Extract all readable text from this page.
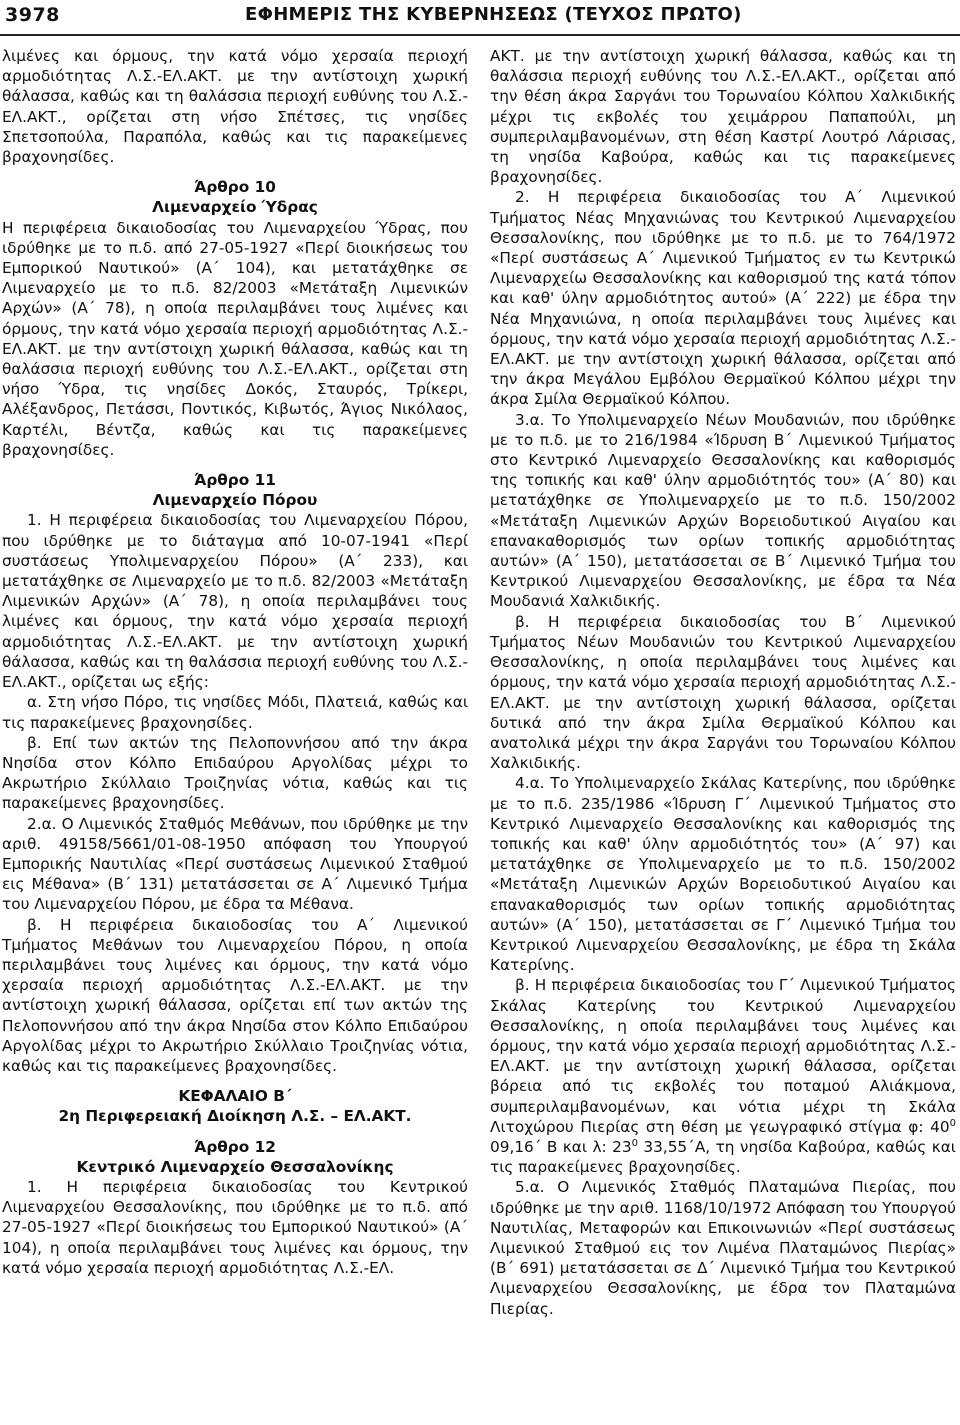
3978	ΕΦΗΜΕΡΙΣ ΤΗΣ ΚΥΒΕΡΝΗΣΕΩΣ (ΤΕΥΧΟΣ ΠΡΩΤΟ)

λιμένες και όρμους, την κατά νόμο χερσαία περιοχή αρμοδιότητας Λ.Σ.-ΕΛ.ΑΚΤ. με την αντίστοιχη χωρική θάλασσα, καθώς και τη θαλάσσια περιοχή ευθύνης του Λ.Σ.-ΕΛ.ΑΚΤ., ορίζεται στη νήσο Σπέτσες, τις νησίδες Σπετσοπούλα, Παραπόλα, καθώς και τις παρακείμενες βραχονησίδες.

Άρθρο 10

Λιμεναρχείο Ύδρας

Η περιφέρεια δικαιοδοσίας του Λιμεναρχείου Ύδρας, που ιδρύθηκε με το π.δ. από 27-05-1927 «Περί διοικήσεως του Εμπορικού Ναυτικού» (Α΄ 104), και μετατάχθηκε σε Λιμεναρχείο με το π.δ. 82/2003 «Μετάταξη Λιμενικών Αρχών» (Α΄ 78), η οποία περιλαμβάνει τους λιμένες και όρμους, την κατά νόμο χερσαία περιοχή αρμοδιότητας Λ.Σ.-ΕΛ.ΑΚΤ. με την αντίστοιχη χωρική θάλασσα, καθώς και τη θαλάσσια περιοχή ευθύνης του Λ.Σ.-ΕΛ.ΑΚΤ., ορίζεται στη νήσο Ύδρα, τις νησίδες Δοκός, Σταυρός, Τρίκερι, Αλέξανδρος, Πετάσσι, Ποντικός, Κιβωτός, Άγιος Νικόλαος, Καρτέλι, Βέντζα, καθώς και τις παρακείμενες βραχονησίδες.

Άρθρο 11

Λιμεναρχείο Πόρου

1. Η περιφέρεια δικαιοδοσίας του Λιμεναρχείου Πόρου, που ιδρύθηκε με το διάταγμα από 10-07-1941 «Περί συστάσεως Υπολιμεναρχείου Πόρου» (Α΄ 233), και μετατάχθηκε σε Λιμεναρχείο με το π.δ. 82/2003 «Μετάταξη Λιμενικών Αρχών» (Α΄ 78), η οποία περιλαμβάνει τους λιμένες και όρμους, την κατά νόμο χερσαία περιοχή αρμοδιότητας Λ.Σ.-ΕΛ.ΑΚΤ. με την αντίστοιχη χωρική θάλασσα, καθώς και τη θαλάσσια περιοχή ευθύνης του Λ.Σ.-ΕΛ.ΑΚΤ., ορίζεται ως εξής:

α. Στη νήσο Πόρο, τις νησίδες Μόδι, Πλατειά, καθώς και τις παρακείμενες βραχονησίδες.

β. Επί των ακτών της Πελοποννήσου από την άκρα Νησίδα στον Κόλπο Επιδαύρου Αργολίδας μέχρι το Ακρωτήριο Σκύλλαιο Τροιζηνίας νότια, καθώς και τις παρακείμενες βραχονησίδες.

2.α. Ο Λιμενικός Σταθμός Μεθάνων, που ιδρύθηκε με την αριθ. 49158/5661/01-08-1950 απόφαση του Υπουργού Εμπορικής Ναυτιλίας «Περί συστάσεως Λιμενικού Σταθμού εις Μέθανα» (Β΄ 131) μετατάσσεται σε Α΄ Λιμενικό Τμήμα του Λιμεναρχείου Πόρου, με έδρα τα Μέθανα.

β. Η περιφέρεια δικαιοδοσίας του Α΄ Λιμενικού Τμήματος Μεθάνων του Λιμεναρχείου Πόρου, η οποία περιλαμβάνει τους λιμένες και όρμους, την κατά νόμο χερσαία περιοχή αρμοδιότητας Λ.Σ.-ΕΛ.ΑΚΤ. με την αντίστοιχη χωρική θάλασσα, ορίζεται επί των ακτών της Πελοποννήσου από την άκρα Νησίδα στον Κόλπο Επιδαύρου Αργολίδας μέχρι το Ακρωτήριο Σκύλλαιο Τροιζηνίας νότια, καθώς και τις παρακείμενες βραχονησίδες.

ΚΕΦΑΛΑΙΟ Β΄

2η Περιφερειακή Διοίκηση Λ.Σ. – ΕΛ.ΑΚΤ.

Άρθρο 12

Κεντρικό Λιμεναρχείο Θεσσαλονίκης

1. Η περιφέρεια δικαιοδοσίας του Κεντρικού Λιμεναρχείου Θεσσαλονίκης, που ιδρύθηκε με το π.δ. από 27-05-1927 «Περί διοικήσεως του Εμπορικού Ναυτικού» (Α΄ 104), η οποία περιλαμβάνει τους λιμένες και όρμους, την κατά νόμο χερσαία περιοχή αρμοδιότητας Λ.Σ.-ΕΛ.

ΑΚΤ. με την αντίστοιχη χωρική θάλασσα, καθώς και τη θαλάσσια περιοχή ευθύνης του Λ.Σ.-ΕΛ.ΑΚΤ., ορίζεται από την θέση άκρα Σαργάνι του Τορωναίου Κόλπου Χαλκιδικής μέχρι τις εκβολές του χειμάρρου Παπαπούλι, μη συμπεριλαμβανομένων, στη θέση Καστρί Λουτρό Λάρισας, τη νησίδα Καβούρα, καθώς και τις παρακείμενες βραχονησίδες.

2. Η περιφέρεια δικαιοδοσίας του Α΄ Λιμενικού Τμήματος Νέας Μηχανιώνας του Κεντρικού Λιμεναρχείου Θεσσαλονίκης, που ιδρύθηκε με το π.δ. με το 764/1972 «Περί συστάσεως Α΄ Λιμενικού Τμήματος εν τω Κεντρικώ Λιμεναρχείω Θεσσαλονίκης και καθορισμού της κατά τόπον και καθ' ύλην αρμοδιότητος αυτού» (Α΄ 222) με έδρα την Νέα Μηχανιώνα, η οποία περιλαμβάνει τους λιμένες και όρμους, την κατά νόμο χερσαία περιοχή αρμοδιότητας Λ.Σ.-ΕΛ.ΑΚΤ. με την αντίστοιχη χωρική θάλασσα, ορίζεται από την άκρα Μεγάλου Εμβόλου Θερμαϊκού Κόλπου μέχρι την άκρα Σμίλα Θερμαϊκού Κόλπου.

3.α. Το Υπολιμεναρχείο Νέων Μουδανιών, που ιδρύθηκε με το π.δ. με το 216/1984 «Ίδρυση Β΄ Λιμενικού Τμήματος στο Κεντρικό Λιμεναρχείο Θεσσαλονίκης και καθορισμός της τοπικής και καθ' ύλην αρμοδιότητός του» (Α΄ 80) και μετατάχθηκε σε Υπολιμεναρχείο με το π.δ. 150/2002 «Μετάταξη Λιμενικών Αρχών Βορειοδυτικού Αιγαίου και επανακαθορισμός των ορίων τοπικής αρμοδιότητας αυτών» (Α΄ 150), μετατάσσεται σε Β΄ Λιμενικό Τμήμα του Κεντρικού Λιμεναρχείου Θεσσαλονίκης, με έδρα τα Νέα Μουδανιά Χαλκιδικής.

β. Η περιφέρεια δικαιοδοσίας του Β΄ Λιμενικού Τμήματος Νέων Μουδανιών του Κεντρικού Λιμεναρχείου Θεσσαλονίκης, η οποία περιλαμβάνει τους λιμένες και όρμους, την κατά νόμο χερσαία περιοχή αρμοδιότητας Λ.Σ.-ΕΛ.ΑΚΤ. με την αντίστοιχη χωρική θάλασσα, ορίζεται δυτικά από την άκρα Σμίλα Θερμαϊκού Κόλπου και ανατολικά μέχρι την άκρα Σαργάνι του Τορωναίου Κόλπου Χαλκιδικής.

4.α. Το Υπολιμεναρχείο Σκάλας Κατερίνης, που ιδρύθηκε με το π.δ. 235/1986 «Ίδρυση Γ΄ Λιμενικού Τμήματος στο Κεντρικό Λιμεναρχείο Θεσσαλονίκης και καθορισμός της τοπικής και καθ' ύλην αρμοδιότητός του» (Α΄ 97) και μετατάχθηκε σε Υπολιμεναρχείο με το π.δ. 150/2002 «Μετάταξη Λιμενικών Αρχών Βορειοδυτικού Αιγαίου και επανακαθορισμός των ορίων τοπικής αρμοδιότητας αυτών» (Α΄ 150), μετατάσσεται σε Γ΄ Λιμενικό Τμήμα του Κεντρικού Λιμεναρχείου Θεσσαλονίκης, με έδρα τη Σκάλα Κατερίνης.

β. Η περιφέρεια δικαιοδοσίας του Γ΄ Λιμενικού Τμήματος Σκάλας Κατερίνης του Κεντρικού Λιμεναρχείου Θεσσαλονίκης, η οποία περιλαμβάνει τους λιμένες και όρμους, την κατά νόμο χερσαία περιοχή αρμοδιότητας Λ.Σ.-ΕΛ.ΑΚΤ. με την αντίστοιχη χωρική θάλασσα, ορίζεται βόρεια από τις εκβολές του ποταμού Αλιάκμονα, συμπεριλαμβανομένων, και νότια μέχρι τη Σκάλα Λιτοχώρου Πιερίας στη θέση με γεωγραφικό στίγμα φ: $40^0$ 09,16΄ Β και λ: $23^0$ 33,55΄Α, τη νησίδα Καβούρα, καθώς και τις παρακείμενες βραχονησίδες.

5.α. Ο Λιμενικός Σταθμός Πλαταμώνα Πιερίας, που ιδρύθηκε με την αριθ. 1168/10/1972 Απόφαση του Υπουργού Ναυτιλίας, Μεταφορών και Επικοινωνιών «Περί συστάσεως Λιμενικού Σταθμού εις τον Λιμένα Πλαταμώνος Πιερίας» (Β΄ 691) μετατάσσεται σε Δ΄ Λιμενικό Τμήμα του Κεντρικού Λιμεναρχείου Θεσσαλονίκης, με έδρα τον Πλαταμώνα Πιερίας.
